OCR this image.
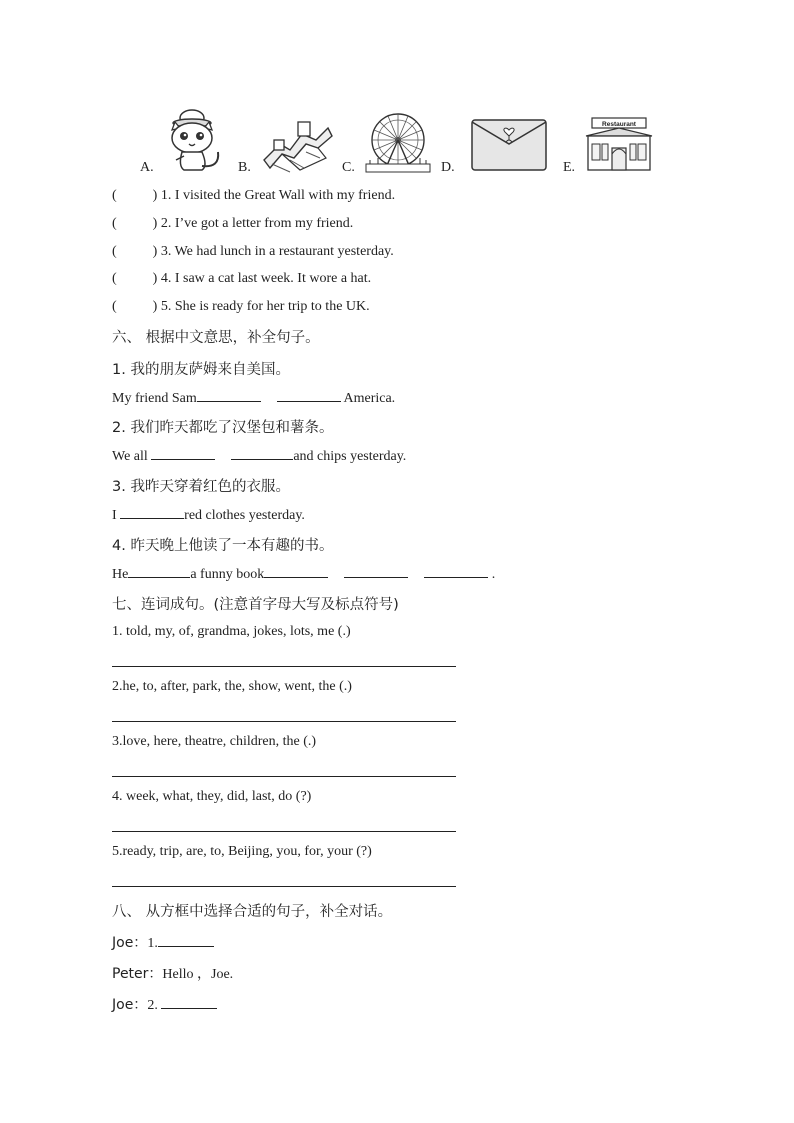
A.	B.	C.	D.	E.
Restaurant
(	) 1. I visited the Great Wall with my friend.
(	) 2. I’ve got a letter from my friend.
(	) 3. We had lunch in a restaurant yesterday.
(	) 4. I saw a cat last week. It wore a hat.
(	) 5. She is ready for her trip to the UK.
六、 根据中文意思，补全句子。
1. 我的朋友萨姆来自美国。
My friend Sam	America.
2. 我们昨天都吃了汉堡包和薯条。
We all	and chips yesterday.
3. 我昨天穿着红色的衣服。
I	red clothes yesterday.
4. 昨天晚上他读了一本有趣的书。
He	a funny book	.
七、连词成句。(注意首字母大写及标点符号)
1. told, my, of, grandma, jokes, lots, me (.)
2.he, to, after, park, the, show, went, the (.)
3.love, here, theatre, children, the (.)
4. week, what, they, did, last, do (?)
5.ready, trip, are, to, Beijing, you, for, your (?)
八、 从方框中选择合适的句子，补全对话。
Joe：1.
Peter：Hello ，Joe.
Joe：2.
